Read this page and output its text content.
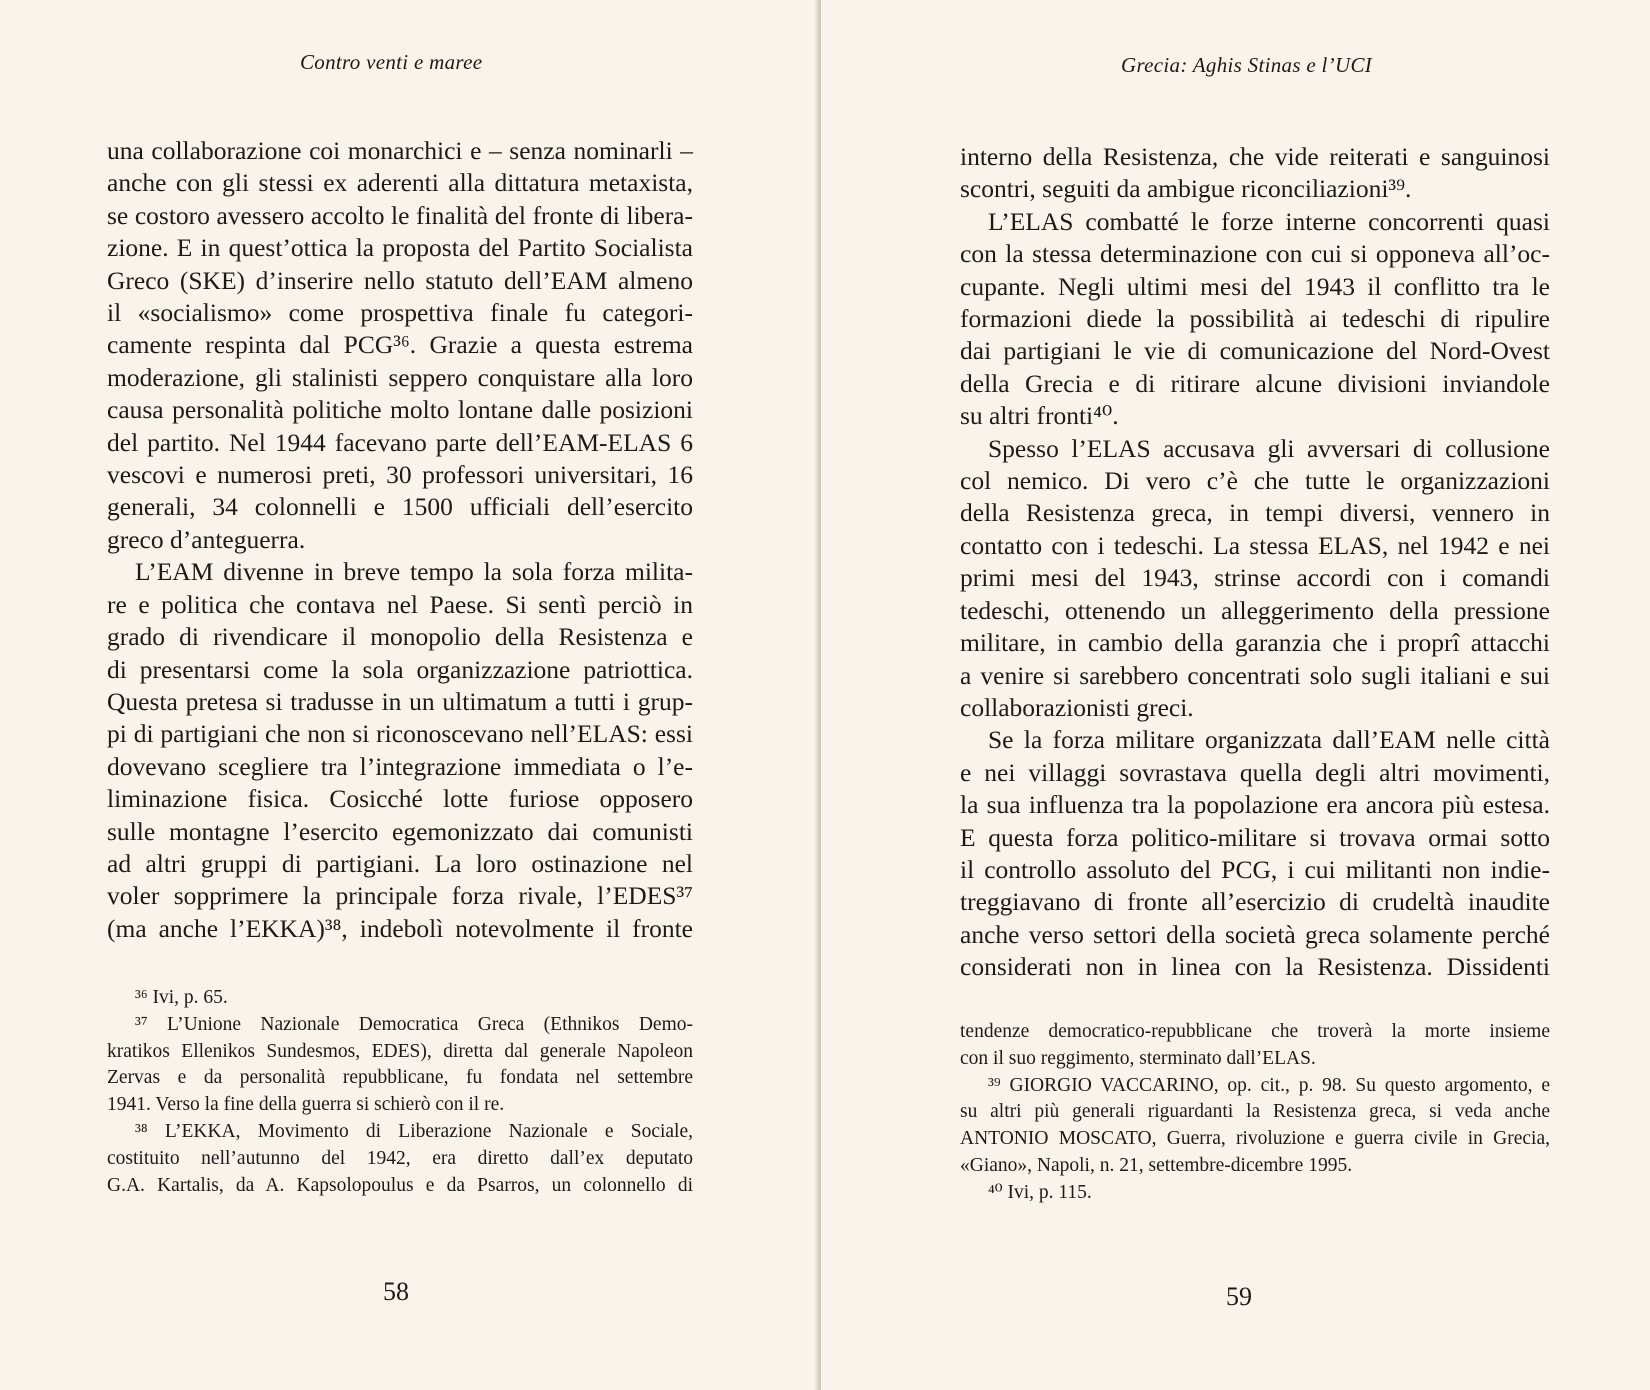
Contro venti e maree
una collaborazione coi monarchici e – senza nominarli –
anche con gli stessi ex aderenti alla dittatura metaxista,
se costoro avessero accolto le finalità del fronte di libera-
zione. E in quest’ottica la proposta del Partito Socialista
Greco (SKE) d’inserire nello statuto dell’EAM almeno
il «socialismo» come prospettiva finale fu categori-
camente respinta dal PCG³⁶. Grazie a questa estrema
moderazione, gli stalinisti seppero conquistare alla loro
causa personalità politiche molto lontane dalle posizioni
del partito. Nel 1944 facevano parte dell’EAM-ELAS 6
vescovi e numerosi preti, 30 professori universitari, 16
generali, 34 colonnelli e 1500 ufficiali dell’esercito
greco d’anteguerra.
L’EAM divenne in breve tempo la sola forza milita-
re e politica che contava nel Paese. Si sentì perciò in
grado di rivendicare il monopolio della Resistenza e
di presentarsi come la sola organizzazione patriottica.
Questa pretesa si tradusse in un ultimatum a tutti i grup-
pi di partigiani che non si riconoscevano nell’ELAS: essi
dovevano scegliere tra l’integrazione immediata o l’e-
liminazione fisica. Cosicché lotte furiose opposero
sulle montagne l’esercito egemonizzato dai comunisti
ad altri gruppi di partigiani. La loro ostinazione nel
voler sopprimere la principale forza rivale, l’EDES³⁷
(ma anche l’EKKA)³⁸, indebolì notevolmente il fronte
³⁶ Ivi, p. 65.
³⁷ L’Unione Nazionale Democratica Greca (Ethnikos Demo-
kratikos Ellenikos Sundesmos, EDES), diretta dal generale Napoleon
Zervas e da personalità repubblicane, fu fondata nel settembre
1941. Verso la fine della guerra si schierò con il re.
³⁸ L’EKKA, Movimento di Liberazione Nazionale e Sociale,
costituito nell’autunno del 1942, era diretto dall’ex deputato
G.A. Kartalis, da A. Kapsolopoulus e da Psarros, un colonnello di
58
Grecia: Aghis Stinas e l’UCI
interno della Resistenza, che vide reiterati e sanguinosi
scontri, seguiti da ambigue riconciliazioni³⁹.
L’ELAS combatté le forze interne concorrenti quasi
con la stessa determinazione con cui si opponeva all’oc-
cupante. Negli ultimi mesi del 1943 il conflitto tra le
formazioni diede la possibilità ai tedeschi di ripulire
dai partigiani le vie di comunicazione del Nord-Ovest
della Grecia e di ritirare alcune divisioni inviandole
su altri fronti⁴⁰.
Spesso l’ELAS accusava gli avversari di collusione
col nemico. Di vero c’è che tutte le organizzazioni
della Resistenza greca, in tempi diversi, vennero in
contatto con i tedeschi. La stessa ELAS, nel 1942 e nei
primi mesi del 1943, strinse accordi con i comandi
tedeschi, ottenendo un alleggerimento della pressione
militare, in cambio della garanzia che i proprî attacchi
a venire si sarebbero concentrati solo sugli italiani e sui
collaborazionisti greci.
Se la forza militare organizzata dall’EAM nelle città
e nei villaggi sovrastava quella degli altri movimenti,
la sua influenza tra la popolazione era ancora più estesa.
E questa forza politico-militare si trovava ormai sotto
il controllo assoluto del PCG, i cui militanti non indie-
treggiavano di fronte all’esercizio di crudeltà inaudite
anche verso settori della società greca solamente perché
considerati non in linea con la Resistenza. Dissidenti
tendenze democratico-repubblicane che troverà la morte insieme
con il suo reggimento, sterminato dall’ELAS.
³⁹ GIORGIO VACCARINO, op. cit., p. 98. Su questo argomento, e
su altri più generali riguardanti la Resistenza greca, si veda anche
ANTONIO MOSCATO, Guerra, rivoluzione e guerra civile in Grecia,
«Giano», Napoli, n. 21, settembre-dicembre 1995.
⁴⁰ Ivi, p. 115.
59
